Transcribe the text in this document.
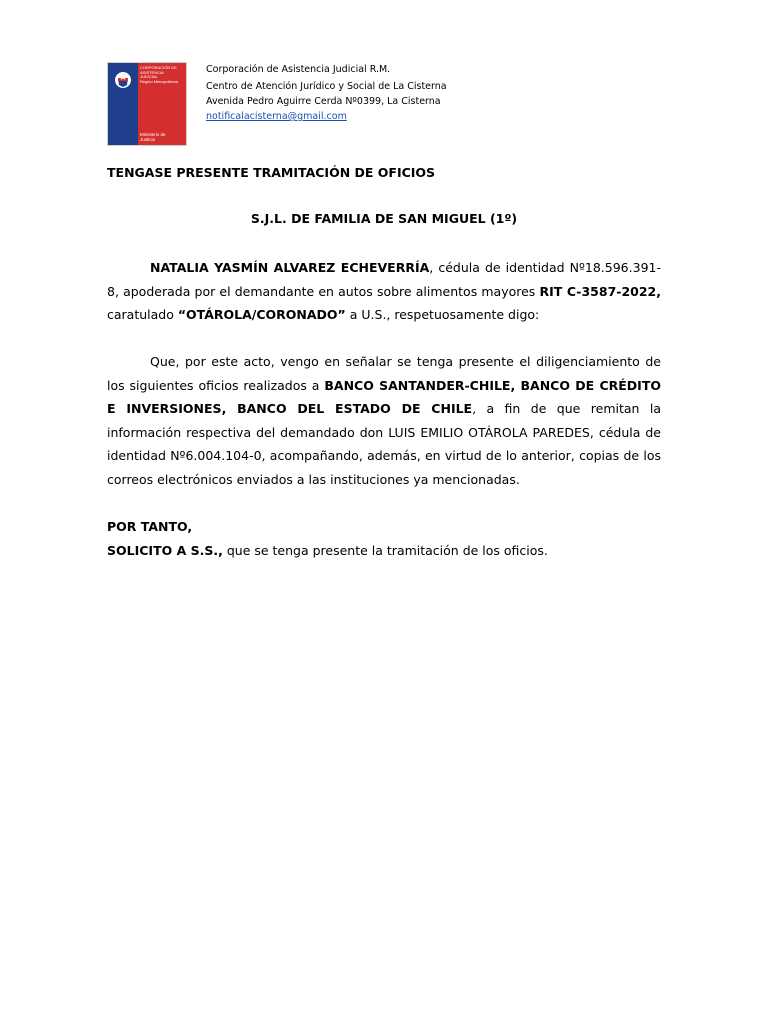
CORPORACIÓN DE
ASISTENCIA
JUDICIAL
Región Metropolitana
Ministerio de
Justicia
Corporación de Asistencia Judicial R.M.
Centro de Atención Jurídico y Social de La Cisterna
Avenida Pedro Aguirre Cerda Nº0399, La Cisterna
notificalacisterna@gmail.com
TENGASE PRESENTE TRAMITACIÓN DE OFICIOS
S.J.L. DE FAMILIA DE SAN MIGUEL (1º)
NATALIA YASMÍN ALVAREZ ECHEVERRÍA, cédula de identidad Nº18.596.391-8, apoderada por el demandante en autos sobre alimentos mayores RIT C-3587-2022, caratulado “OTÁROLA/CORONADO” a U.S., respetuosamente digo:
Que, por este acto, vengo en señalar se tenga presente el diligenciamiento de los siguientes oficios realizados a BANCO SANTANDER-CHILE, BANCO DE CRÉDITO E INVERSIONES, BANCO DEL ESTADO DE CHILE, a fin de que remitan la información respectiva del demandado don LUIS EMILIO OTÁROLA PAREDES, cédula de identidad Nº6.004.104-0, acompañando, además, en virtud de lo anterior, copias de los correos electrónicos enviados a las instituciones ya mencionadas.
POR TANTO,
SOLICITO A S.S., que se tenga presente la tramitación de los oficios.
